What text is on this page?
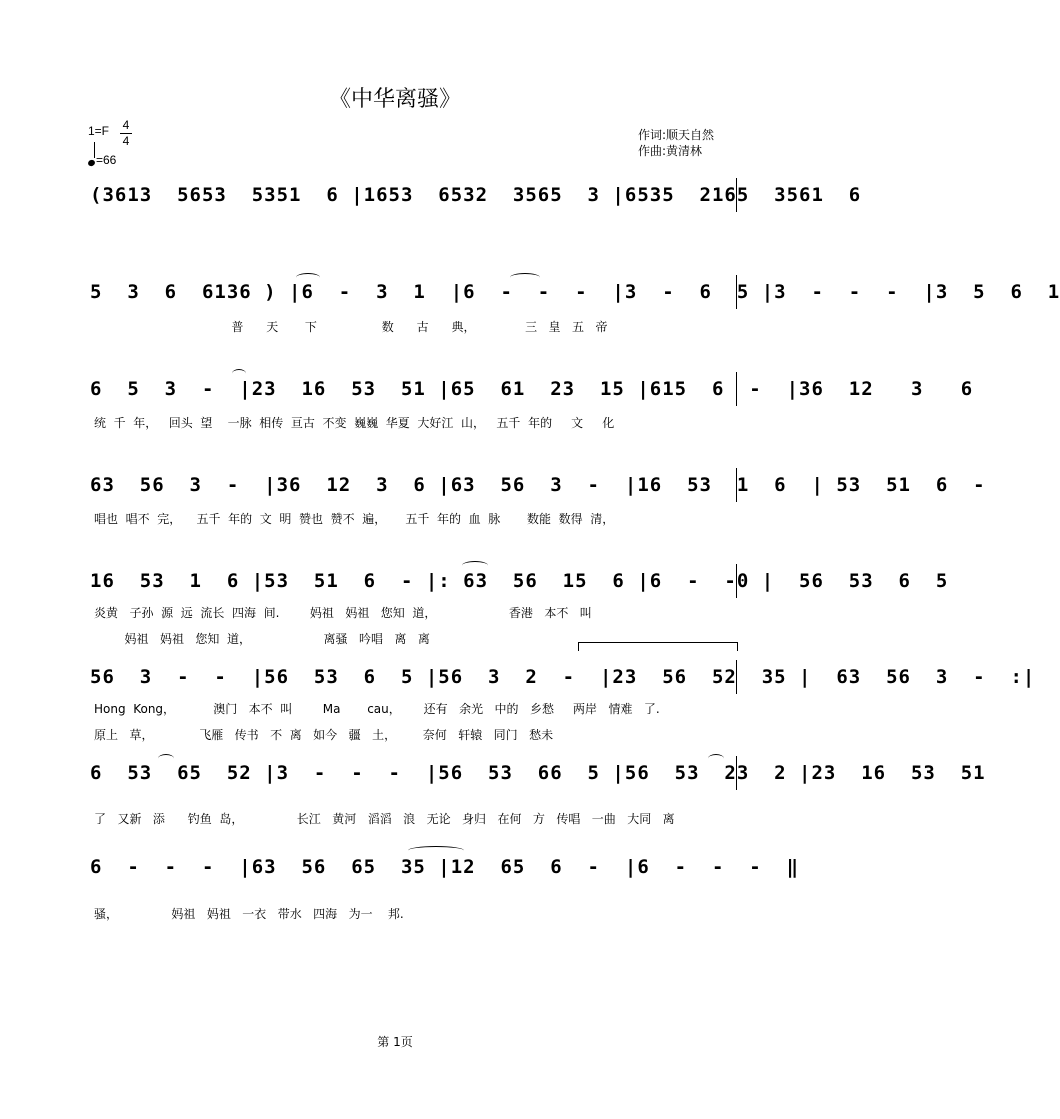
《中华离骚》
1=F 4
4
=66
作词:顺天自然
作曲:黄清林
(3613  5653  5351  6 |1653  6532  3565  3 |6535  2165  3561  6
5  3  6  6136 ) |6  -  3  1  |6  -  -  -  |3  -  6  5 |3  -  -  -  |3  5  6  1
普      天       下                 数      古      典，             三   皇   五   帝
6  5  3  -  |23  16  53  51 |65  61  23  15 |615  6  -  |36  12   3   6
统  千  年，   回头  望    一脉  相传  亘古  不变  巍巍  华夏  大好江  山，   五千  年的     文     化
63  56  3  -  |36  12  3  6 |63  56  3  -  |16  53  1  6  | 53  51  6  -
唱也  唱不  完，    五千  年的  文  明  赞也  赞不  遍，     五千  年的  血  脉       数能  数得  清，
16  53  1  6 |53  51  6  - |: 63  56  15  6 |6  -  -0 |  56  53  6  5
炎黄   子孙  源  远  流长  四海  间.        妈祖   妈祖   您知  道，                   香港   本不   叫
妈祖   妈祖   您知  道，                   离骚   吟唱   离   离
56  3  -  -  |56  53  6  5 |56  3  2  -  |23  56  52  35 |  63  56  3  -  :|
Hong  Kong，          澳门   本不  叫        Ma       cau，      还有   余光   中的   乡愁     两岸   情难   了.
原上   草，            飞雁   传书   不  离   如今   疆   土，       奈何   轩辕   同门   愁未
6  53  65  52 |3  -  -  -  |56  53  66  5 |56  53  23  2 |23  16  53  51
了   又新   添      钓鱼  岛，              长江   黄河   滔滔   浪   无论   身归   在何   方   传唱   一曲   大同   离
6  -  -  -  |63  56  65  35 |12  65  6  -  |6  -  -  -  ‖
骚，              妈祖   妈祖   一衣   带水   四海   为一    邦.
第 1页
